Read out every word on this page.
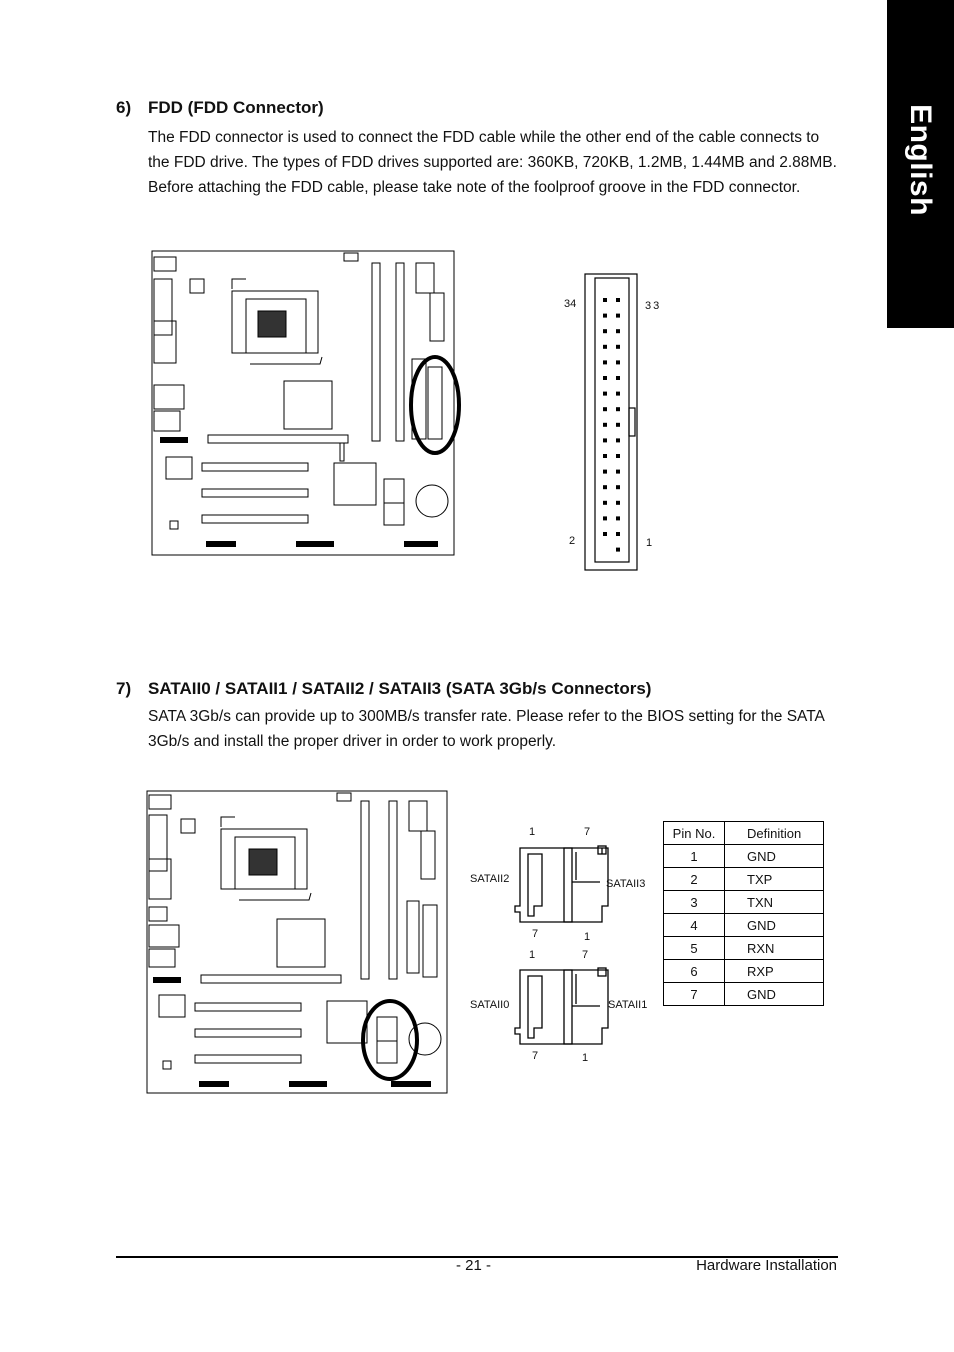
English
6) FDD (FDD Connector)
The FDD connector is used to connect the FDD cable while the other end of the cable connects to the FDD drive. The types of FDD drives supported are: 360KB, 720KB, 1.2MB, 1.44MB and 2.88MB. Before attaching the FDD cable, please take note of the foolproof groove in the FDD connector.
34	33
2	1
7) SATAII0 / SATAII1 / SATAII2 / SATAII3 (SATA 3Gb/s Connectors)
SATA 3Gb/s can provide up to 300MB/s transfer rate. Please refer to the BIOS setting for the SATA 3Gb/s and install the proper driver in order to work properly.
1	7
SATAII2	SATAII3
7	1
1	7
SATAII0	SATAII1
7	1
Pin No.	Definition
1	GND
2	TXP
3	TXN
4	GND
5	RXN
6	RXP
7	GND
- 21 -	Hardware Installation
